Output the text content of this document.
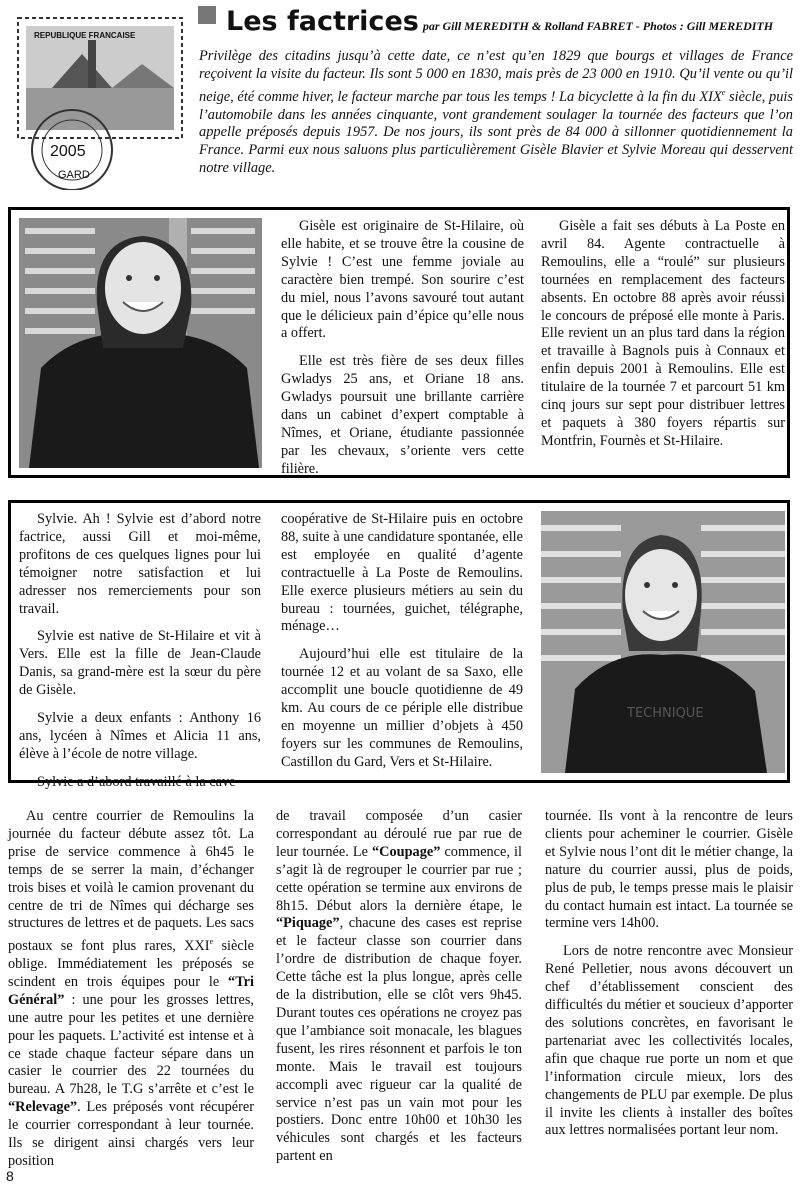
REPUBLIQUE FRANCAISE
2005
GARD
Les factrices par Gill MEREDITH & Rolland FABRET - Photos : Gill MEREDITH

Privilège des citadins jusqu’à cette date, ce n’est qu’en 1829 que bourgs et villages de France reçoivent la visite du facteur. Ils sont 5 000 en 1830, mais près de 23 000 en 1910. Qu’il vente ou qu’il neige, été comme hiver, le facteur marche par tous les temps ! La bicyclette à la fin du XIXe siècle, puis l’automobile dans les années cinquante, vont grandement soulager la tournée des facteurs que l’on appelle préposés depuis 1957. De nos jours, ils sont près de 84 000 à sillonner quotidiennement la France. Parmi eux nous saluons plus particulièrement Gisèle Blavier et Sylvie Moreau qui desservent notre village.

Gisèle est originaire de St-Hilaire, où elle habite, et se trouve être la cousine de Sylvie ! C’est une femme joviale au caractère bien trempé. Son sourire c’est du miel, nous l’avons savouré tout autant que le délicieux pain d’épice qu’elle nous a offert.

Elle est très fière de ses deux filles Gwladys 25 ans, et Oriane 18 ans. Gwladys poursuit une brillante carrière dans un cabinet d’expert comptable à Nîmes, et Oriane, étudiante passionnée par les chevaux, s’oriente vers cette filière.

Gisèle a fait ses débuts à La Poste en avril 84. Agente contractuelle à Remoulins, elle a “roulé” sur plusieurs tournées en remplacement des facteurs absents. En octobre 88 après avoir réussi le concours de préposé elle monte à Paris. Elle revient un an plus tard dans la région et travaille à Bagnols puis à Connaux et enfin depuis 2001 à Remoulins. Elle est titulaire de la tournée 7 et parcourt 51 km cinq jours sur sept pour distribuer lettres et paquets à 380 foyers répartis sur Montfrin, Fournès et St-Hilaire.

Sylvie. Ah ! Sylvie est d’abord notre factrice, aussi Gill et moi-même, profitons de ces quelques lignes pour lui témoigner notre satisfaction et lui adresser nos remerciements pour son travail.

Sylvie est native de St-Hilaire et vit à Vers. Elle est la fille de Jean-Claude Danis, sa grand-mère est la sœur du père de Gisèle.

Sylvie a deux enfants : Anthony 16 ans, lycéen à Nîmes et Alicia 11 ans, élève à l’école de notre village.

Sylvie a d’abord travaillé à la cave

coopérative de St-Hilaire puis en octobre 88, suite à une candidature spontanée, elle est employée en qualité d’agente contractuelle à La Poste de Remoulins. Elle exerce plusieurs métiers au sein du bureau : tournées, guichet, télégraphe, ménage…

Aujourd’hui elle est titulaire de la tournée 12 et au volant de sa Saxo, elle accomplit une boucle quotidienne de 49 km. Au cours de ce périple elle distribue en moyenne un millier d’objets à 450 foyers sur les communes de Remoulins, Castillon du Gard, Vers et St-Hilaire.

TECHNIQUE

Au centre courrier de Remoulins la journée du facteur débute assez tôt. La prise de service commence à 6h45 le temps de se serrer la main, d’échanger trois bises et voilà le camion provenant du centre de tri de Nîmes qui décharge ses structures de lettres et de paquets. Les sacs postaux se font plus rares, XXIe siècle oblige. Immédiatement les préposés se scindent en trois équipes pour le “Tri Général” : une pour les grosses lettres, une autre pour les petites et une dernière pour les paquets. L’activité est intense et à ce stade chaque facteur sépare dans un casier le courrier des 22 tournées du bureau. A 7h28, le T.G s’arrête et c’est le “Relevage”. Les préposés vont récupérer le courrier correspondant à leur tournée. Ils se dirigent ainsi chargés vers leur position

de travail composée d’un casier correspondant au déroulé rue par rue de leur tournée. Le “Coupage” commence, il s’agit là de regrouper le courrier par rue ; cette opération se termine aux environs de 8h15. Début alors la dernière étape, le “Piquage”, chacune des cases est reprise et le facteur classe son courrier dans l’ordre de distribution de chaque foyer. Cette tâche est la plus longue, après celle de la distribution, elle se clôt vers 9h45. Durant toutes ces opérations ne croyez pas que l’ambiance soit monacale, les blagues fusent, les rires résonnent et parfois le ton monte. Mais le travail est toujours accompli avec rigueur car la qualité de service n’est pas un vain mot pour les postiers. Donc entre 10h00 et 10h30 les véhicules sont chargés et les facteurs partent en

tournée. Ils vont à la rencontre de leurs clients pour acheminer le courrier. Gisèle et Sylvie nous l’ont dit le métier change, la nature du courrier aussi, plus de poids, plus de pub, le temps presse mais le plaisir du contact humain est intact. La tournée se termine vers 14h00.

Lors de notre rencontre avec Monsieur René Pelletier, nous avons découvert un chef d’établissement conscient des difficultés du métier et soucieux d’apporter des solutions concrètes, en favorisant le partenariat avec les collectivités locales, afin que chaque rue porte un nom et que l’information circule mieux, lors des changements de PLU par exemple. De plus il invite les clients à installer des boîtes aux lettres normalisées portant leur nom.

8
